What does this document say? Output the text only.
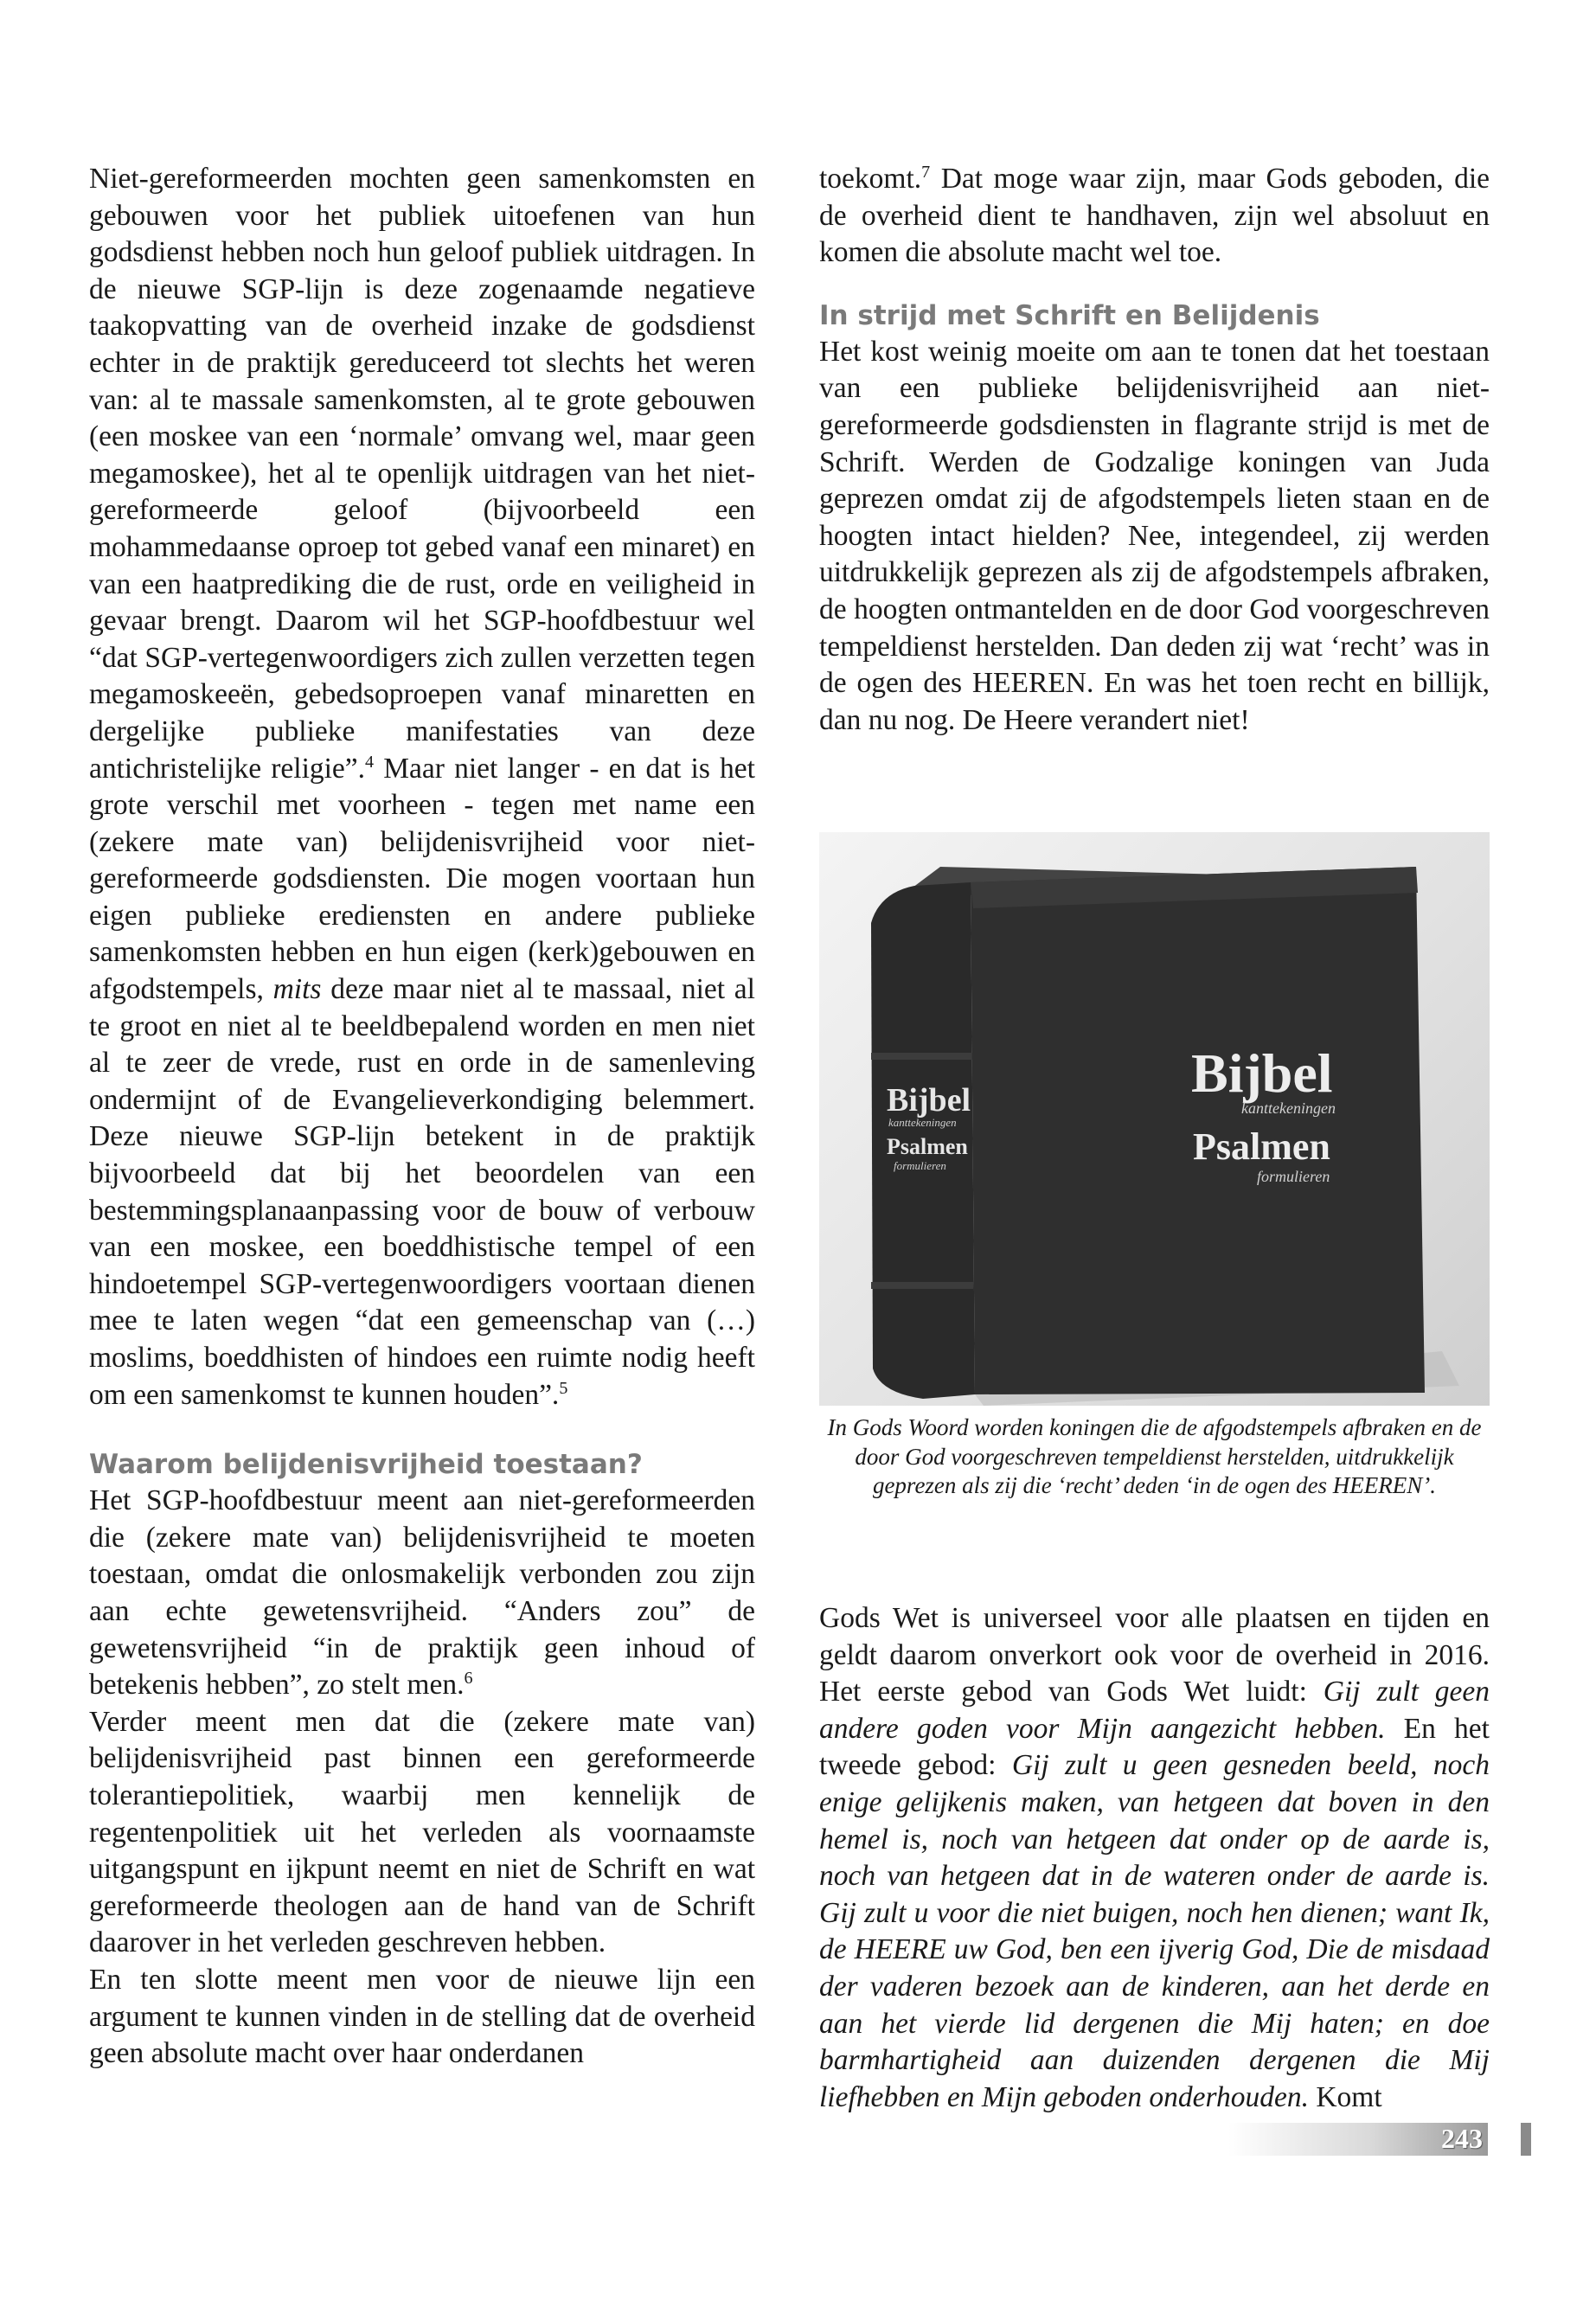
Niet-gereformeerden mochten geen samenkomsten en gebouwen voor het publiek uitoefenen van hun godsdienst hebben noch hun geloof publiek uitdragen. In de nieuwe SGP-lijn is deze zogenaamde negatieve taakopvatting van de overheid inzake de godsdienst echter in de praktijk gereduceerd tot slechts het weren van: al te massale samenkomsten, al te grote gebouwen (een moskee van een ‘normale’ omvang wel, maar geen megamoskee), het al te openlijk uitdragen van het niet-gereformeerde geloof (bijvoorbeeld een mohammedaanse oproep tot gebed vanaf een minaret) en van een haatprediking die de rust, orde en veiligheid in gevaar brengt. Daarom wil het SGP-hoofdbestuur wel “dat SGP-vertegenwoordigers zich zullen verzetten tegen megamoskeeën, gebedsoproepen vanaf minaretten en dergelijke publieke manifestaties van deze antichristelijke religie”.$^4$ Maar niet langer - en dat is het grote verschil met voorheen - tegen met name een (zekere mate van) belijdenisvrijheid voor niet-gereformeerde godsdiensten. Die mogen voortaan hun eigen publieke erediensten en andere publieke samenkomsten hebben en hun eigen (kerk)gebouwen en afgodstempels, mits deze maar niet al te massaal, niet al te groot en niet al te beeldbepalend worden en men niet al te zeer de vrede, rust en orde in de samenleving ondermijnt of de Evangelieverkondiging belemmert. Deze nieuwe SGP-lijn betekent in de praktijk bijvoorbeeld dat bij het beoordelen van een bestemmingsplanaanpassing voor de bouw of verbouw van een moskee, een boeddhistische tempel of een hindoetempel SGP-vertegenwoordigers voortaan dienen mee te laten wegen “dat een gemeenschap van (…) moslims, boeddhisten of hindoes een ruimte nodig heeft om een samenkomst te kunnen houden”.$^5$

Waarom belijdenisvrijheid toestaan?

Het SGP-hoofdbestuur meent aan niet-gereformeerden die (zekere mate van) belijdenisvrijheid te moeten toestaan, omdat die onlosmakelijk verbonden zou zijn aan echte gewetensvrijheid. “Anders zou” de gewetensvrijheid “in de praktijk geen inhoud of betekenis hebben”, zo stelt men.$^6$

Verder meent men dat die (zekere mate van) belijdenisvrijheid past binnen een gereformeerde tolerantiepolitiek, waarbij men kennelijk de regentenpolitiek uit het verleden als voornaamste uitgangspunt en ijkpunt neemt en niet de Schrift en wat gereformeerde theologen aan de hand van de Schrift daarover in het verleden geschreven hebben.

En ten slotte meent men voor de nieuwe lijn een argument te kunnen vinden in de stelling dat de overheid geen absolute macht over haar onderdanen

toekomt.$^7$ Dat moge waar zijn, maar Gods geboden, die de overheid dient te handhaven, zijn wel absoluut en komen die absolute macht wel toe.

In strijd met Schrift en Belijdenis

Het kost weinig moeite om aan te tonen dat het toestaan van een publieke belijdenisvrijheid aan niet-gereformeerde godsdiensten in flagrante strijd is met de Schrift. Werden de Godzalige koningen van Juda geprezen omdat zij de afgodstempels lieten staan en de hoogten intact hielden? Nee, integendeel, zij werden uitdrukkelijk geprezen als zij de afgodstempels afbraken, de hoogten ontmantelden en de door God voorgeschreven tempeldienst herstelden. Dan deden zij wat ‘recht’ was in de ogen des HEEREN. En was het toen recht en billijk, dan nu nog. De Heere verandert niet!

Bijbel
kanttekeningen
Psalmen
formulieren
Bijbel
kanttekeningen
Psalmen
formulieren
In Gods Woord worden koningen die de afgodstempels afbraken en de door God voorgeschreven tempeldienst herstelden, uitdrukkelijk geprezen als zij die ‘recht’ deden ‘in de ogen des HEEREN’.

Gods Wet is universeel voor alle plaatsen en tijden en geldt daarom onverkort ook voor de overheid in 2016. Het eerste gebod van Gods Wet luidt: Gij zult geen andere goden voor Mijn aangezicht hebben. En het tweede gebod: Gij zult u geen gesneden beeld, noch enige gelijkenis maken, van hetgeen dat boven in den hemel is, noch van hetgeen dat onder op de aarde is, noch van hetgeen dat in de wateren onder de aarde is. Gij zult u voor die niet buigen, noch hen dienen; want Ik, de HEERE uw God, ben een ijverig God, Die de misdaad der vaderen bezoek aan de kinderen, aan het derde en aan het vierde lid dergenen die Mij haten; en doe barmhartigheid aan duizenden dergenen die Mij liefhebben en Mijn geboden onderhouden. Komt

243
